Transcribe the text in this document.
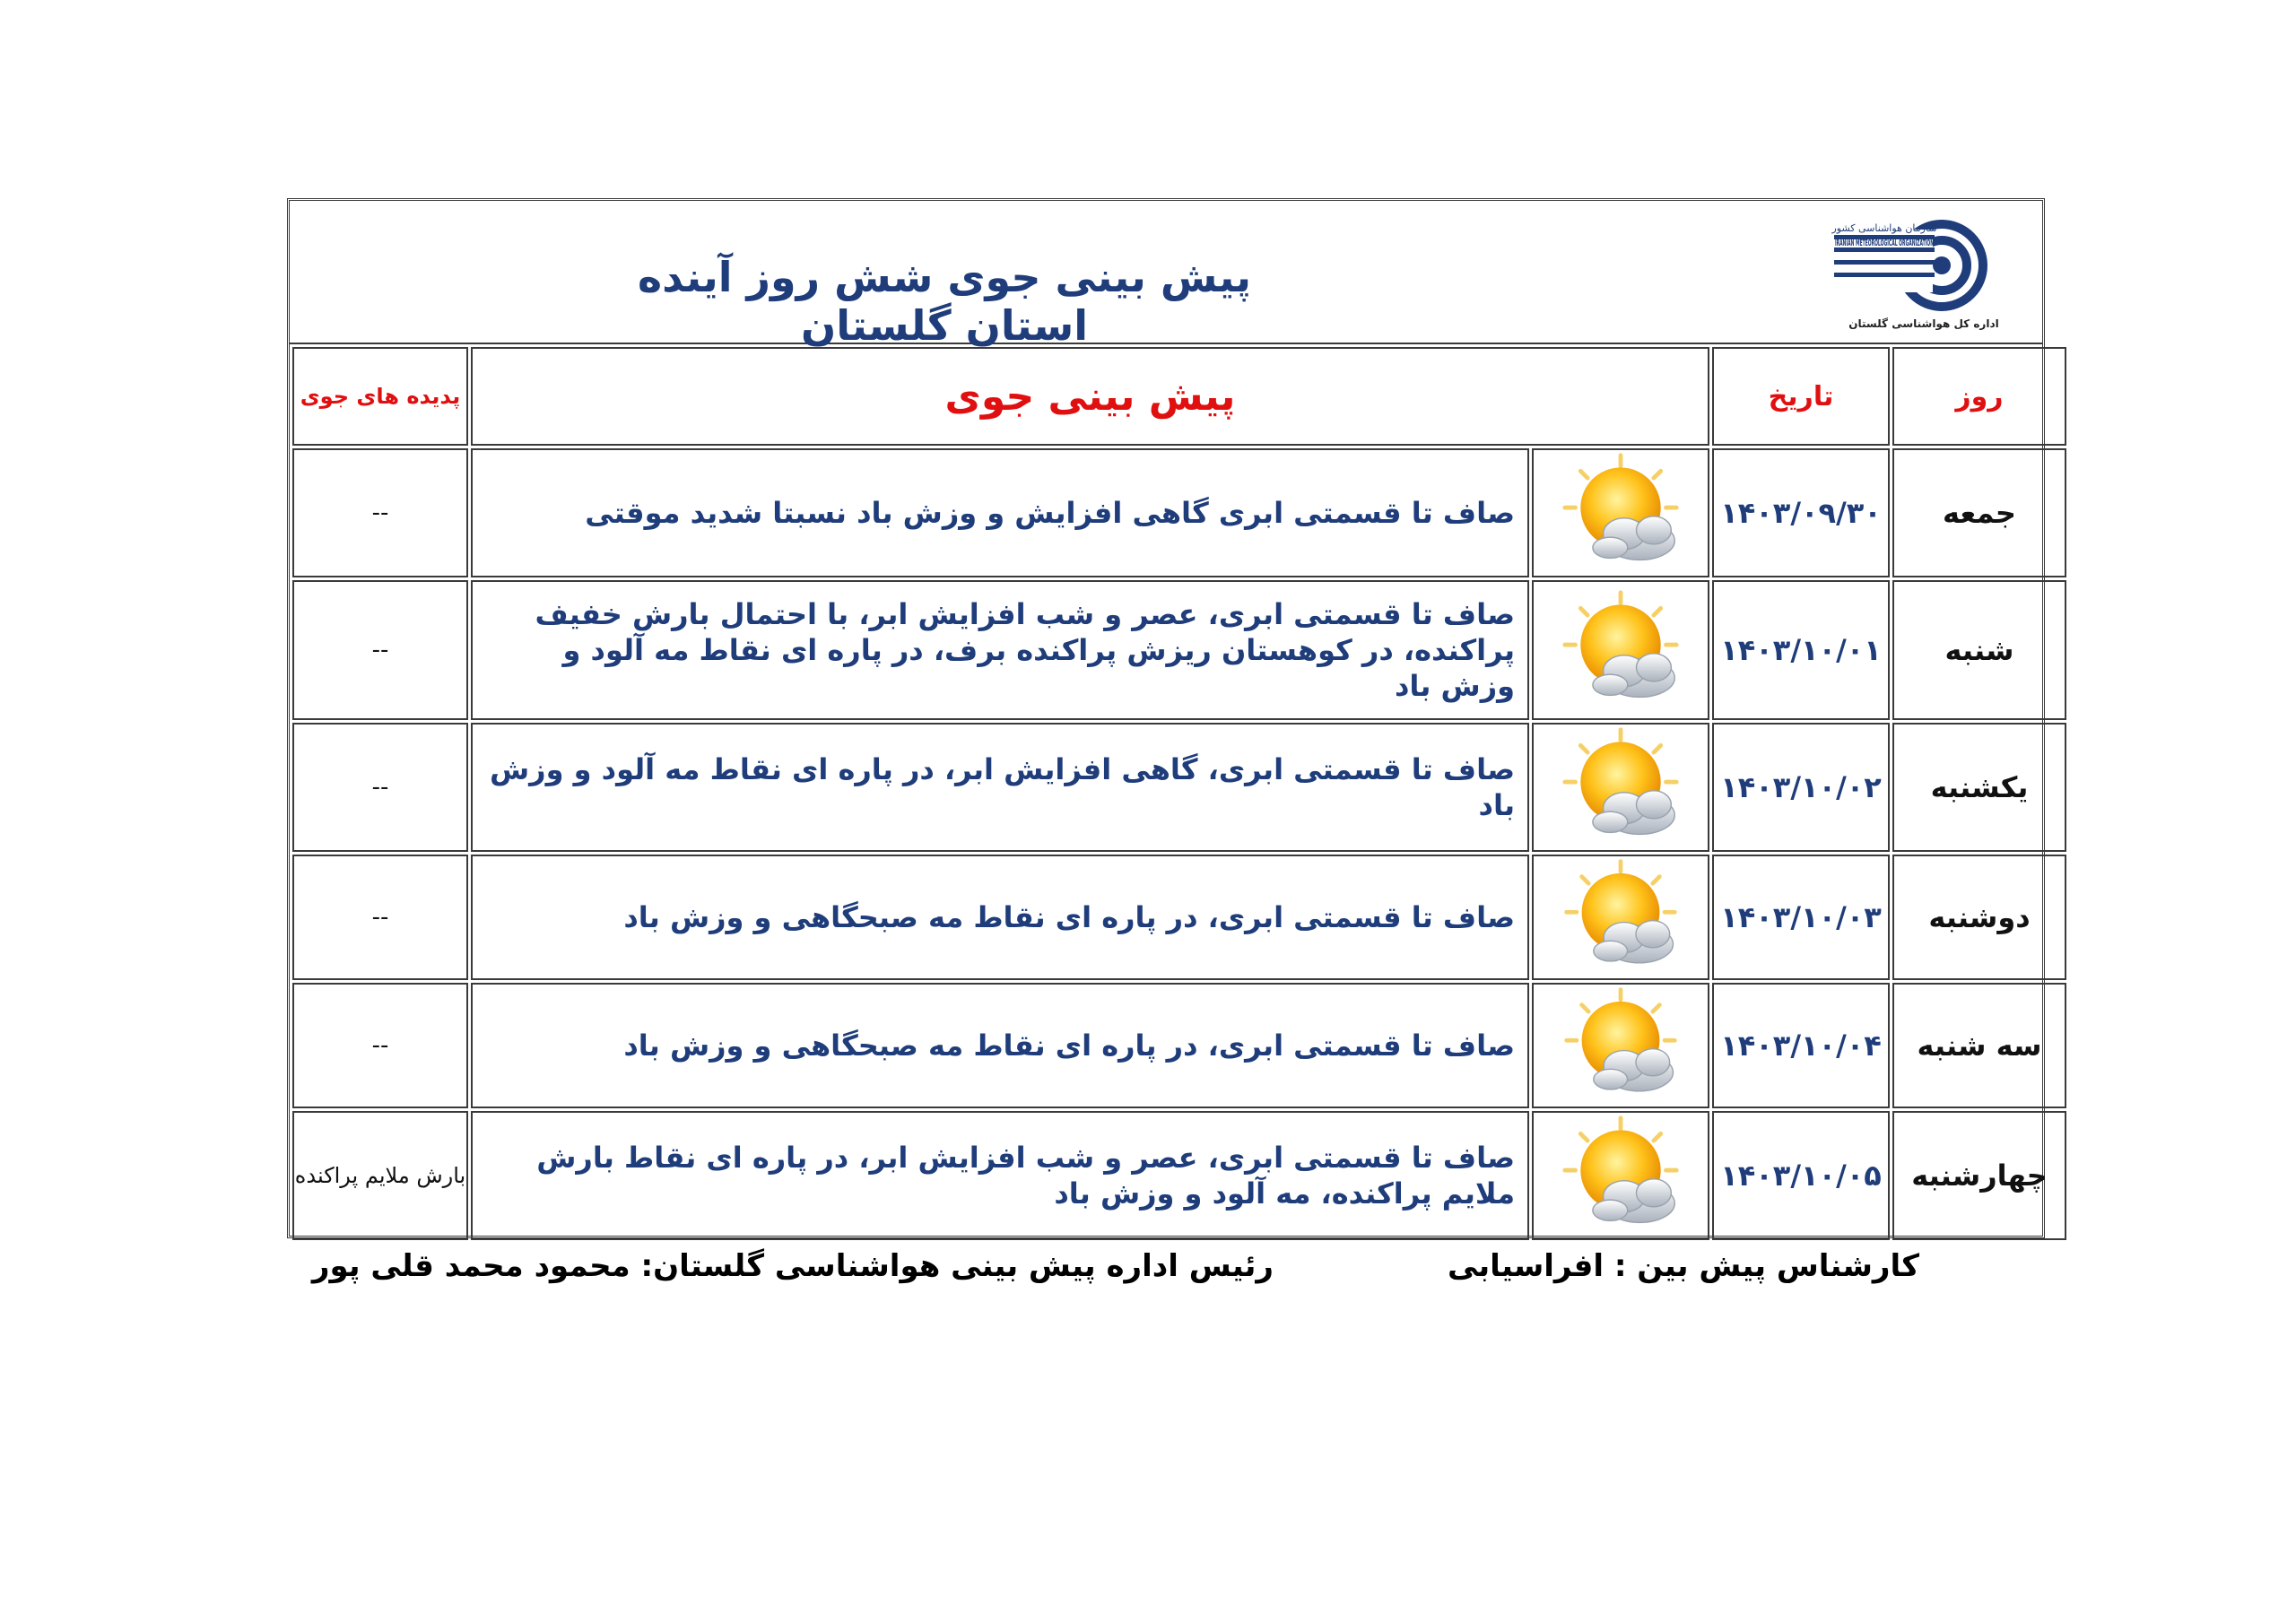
سازمان هواشناسی کشور
IRANIAN METEOROLOGICAL ORGANIZATION
اداره کل هواشناسی گلستان
پیش بینی جوی شش روز آینده استان گلستان
روز	تاریخ	پیش بینی جوی		پدیده های جوی
جمعه	۱۴۰۳/۰۹/۳۰		صاف تا قسمتی ابری گاهی افزایش و وزش باد نسبتا شدید موقتی	--
شنبه	۱۴۰۳/۱۰/۰۱		صاف تا قسمتی ابری، عصر و شب افزایش ابر، با احتمال بارش خفیف پراکنده، در کوهستان ریزش پراکنده برف، در پاره ای نقاط مه آلود و وزش باد	--
یکشنبه	۱۴۰۳/۱۰/۰۲		صاف تا قسمتی ابری، گاهی افزایش ابر، در پاره ای نقاط مه آلود و وزش باد	--
دوشنبه	۱۴۰۳/۱۰/۰۳		صاف تا قسمتی ابری، در پاره ای نقاط مه صبحگاهی و وزش باد	--
سه شنبه	۱۴۰۳/۱۰/۰۴		صاف تا قسمتی ابری، در پاره ای نقاط مه صبحگاهی و وزش باد	--
چهارشنبه	۱۴۰۳/۱۰/۰۵		صاف تا قسمتی ابری، عصر و شب افزایش ابر، در پاره ای نقاط بارش ملایم پراکنده، مه آلود و وزش باد	بارش ملایم پراکنده
کارشناس پیش بین : افراسیابی
رئیس اداره پیش بینی هواشناسی گلستان: محمود محمد قلی پور
